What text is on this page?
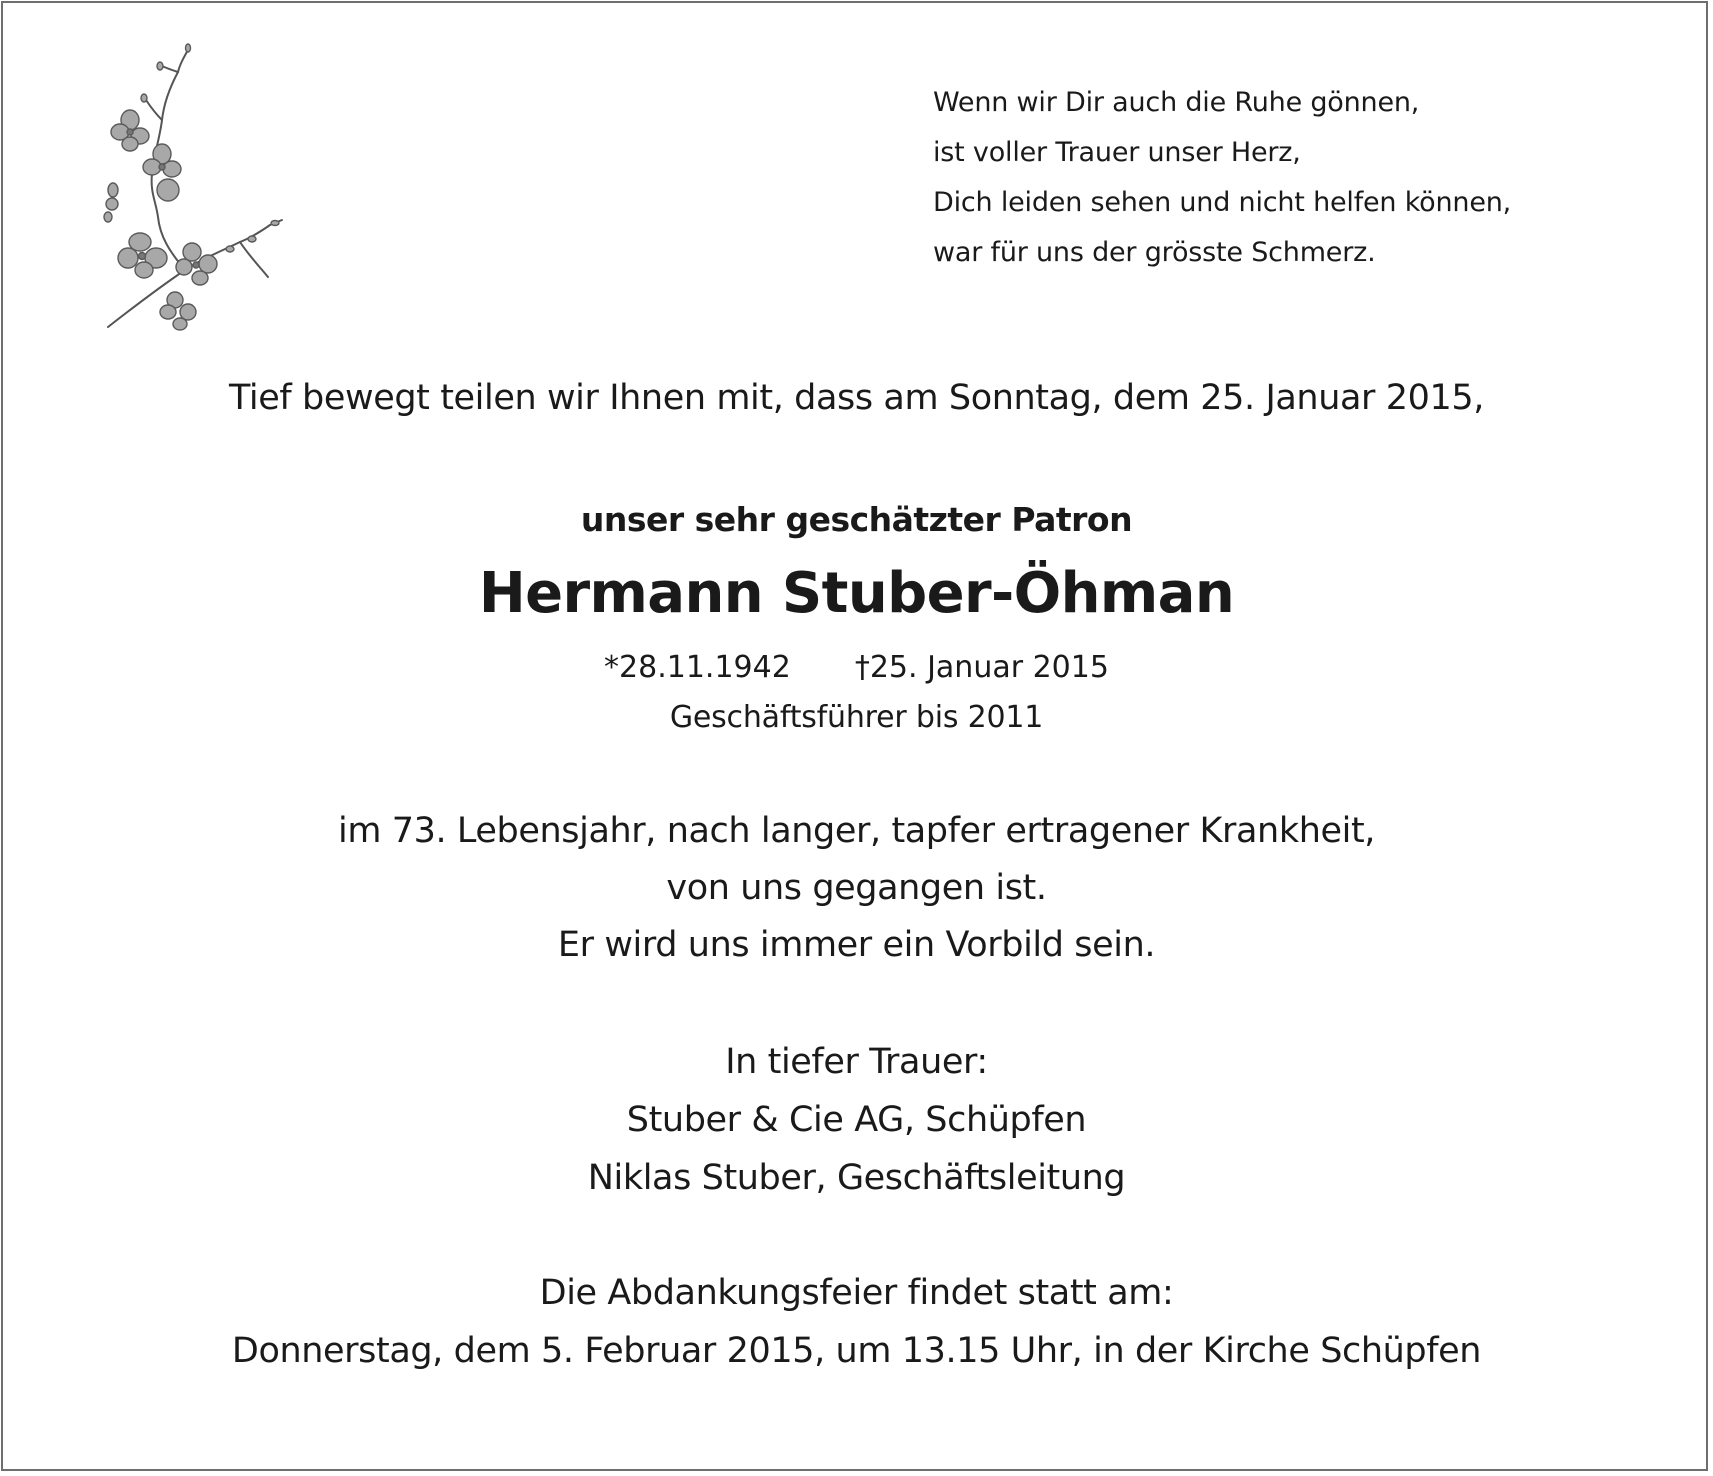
Wenn wir Dir auch die Ruhe gönnen,
ist voller Trauer unser Herz,
Dich leiden sehen und nicht helfen können,
war für uns der grösste Schmerz.
Tief bewegt teilen wir Ihnen mit, dass am Sonntag, dem 25. Januar 2015,
unser sehr geschätzter Patron
Hermann Stuber-Öhman
*28.11.1942 †25. Januar 2015
Geschäftsführer bis 2011
im 73. Lebensjahr, nach langer, tapfer ertragener Krankheit,
von uns gegangen ist.
Er wird uns immer ein Vorbild sein.
In tiefer Trauer:
Stuber & Cie AG, Schüpfen
Niklas Stuber, Geschäftsleitung
Die Abdankungsfeier findet statt am:
Donnerstag, dem 5. Februar 2015, um 13.15 Uhr, in der Kirche Schüpfen
